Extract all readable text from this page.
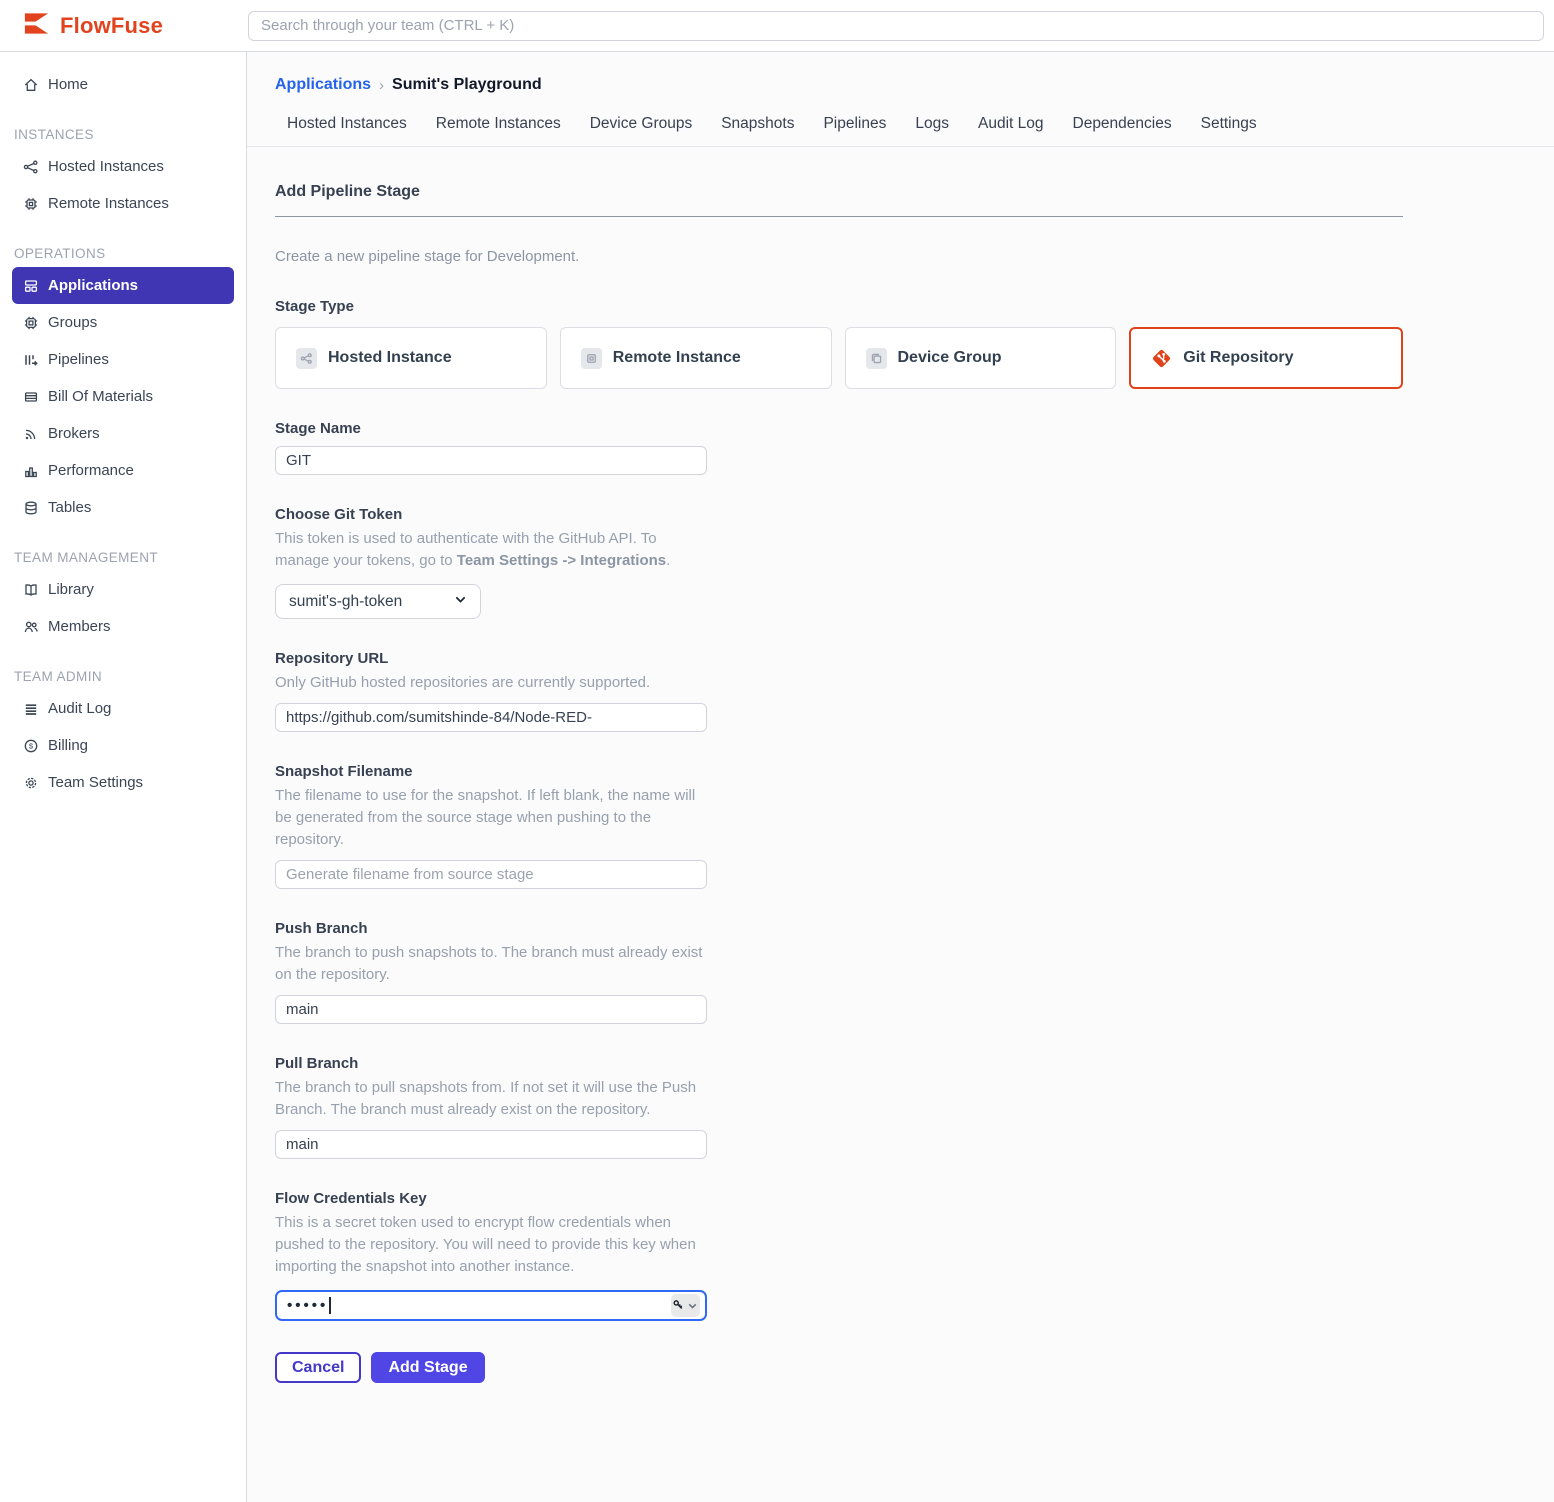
FlowFuse
Search through your team (CTRL + K)
Home
INSTANCES
Hosted Instances
Remote Instances
OPERATIONS
Applications
Groups
Pipelines
Bill Of Materials
Brokers
Performance
Tables
TEAM MANAGEMENT
Library
Members
TEAM ADMIN
Audit Log
$ Billing
Team Settings
Applications › Sumit's Playground
Hosted Instances Remote Instances Device Groups Snapshots Pipelines Logs Audit Log Dependencies Settings
Add Pipeline Stage
Create a new pipeline stage for Development.
Stage Type
Hosted Instance	Remote Instance	Device Group	Git Repository
Stage Name
GIT
Choose Git Token
This token is used to authenticate with the GitHub API. To manage your tokens, go to Team Settings -> Integrations.
sumit's-gh-token
Repository URL
Only GitHub hosted repositories are currently supported.
https://github.com/sumitshinde-84/Node-RED-
Snapshot Filename
The filename to use for the snapshot. If left blank, the name will be generated from the source stage when pushing to the repository.
Generate filename from source stage
Push Branch
The branch to push snapshots to. The branch must already exist on the repository.
main
Pull Branch
The branch to pull snapshots from. If not set it will use the Push Branch. The branch must already exist on the repository.
main
Flow Credentials Key
This is a secret token used to encrypt flow credentials when pushed to the repository. You will need to provide this key when importing the snapshot into another instance.
•••••
Cancel	Add Stage
